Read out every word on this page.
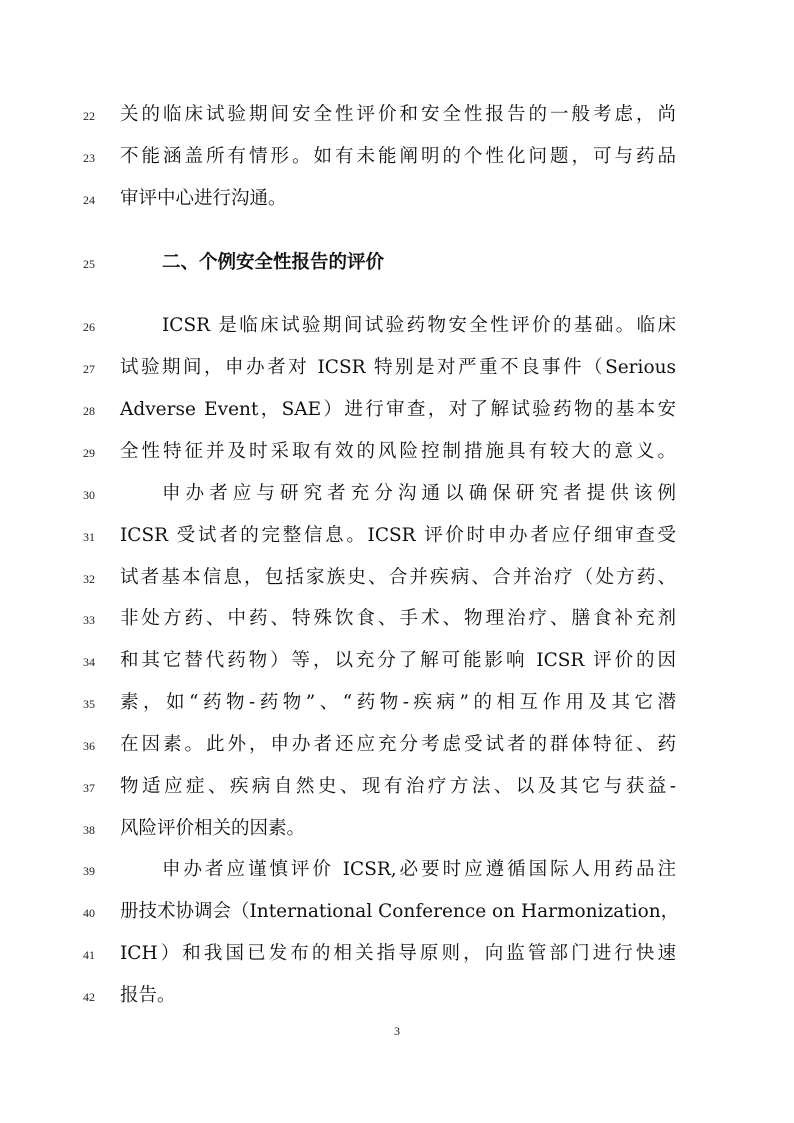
22	关的临床试验期间安全性评价和安全性报告的一般考虑，尚
23	不能涵盖所有情形。如有未能阐明的个性化问题，可与药品
24	审评中心进行沟通。
25	二、个例安全性报告的评价
26	ICSR 是临床试验期间试验药物安全性评价的基础。临床
27	试验期间，申办者对 ICSR 特别是对严重不良事件（Serious
28	Adverse Event，SAE）进行审查，对了解试验药物的基本安
29	全性特征并及时采取有效的风险控制措施具有较大的意义。
30	申办者应与研究者充分沟通以确保研究者提供该例
31	ICSR 受试者的完整信息。ICSR 评价时申办者应仔细审查受
32	试者基本信息，包括家族史、合并疾病、合并治疗（处方药、
33	非处方药、中药、特殊饮食、手术、物理治疗、膳食补充剂
34	和其它替代药物）等，以充分了解可能影响 ICSR 评价的因
35	素，如“药物-药物”、“药物-疾病”的相互作用及其它潜
36	在因素。此外，申办者还应充分考虑受试者的群体特征、药
37	物适应症、疾病自然史、现有治疗方法、以及其它与获益-
38	风险评价相关的因素。
39	申办者应谨慎评价 ICSR,必要时应遵循国际人用药品注
40	册技术协调会（International Conference on Harmonization，
41	ICH）和我国已发布的相关指导原则，向监管部门进行快速
42	报告。
3
